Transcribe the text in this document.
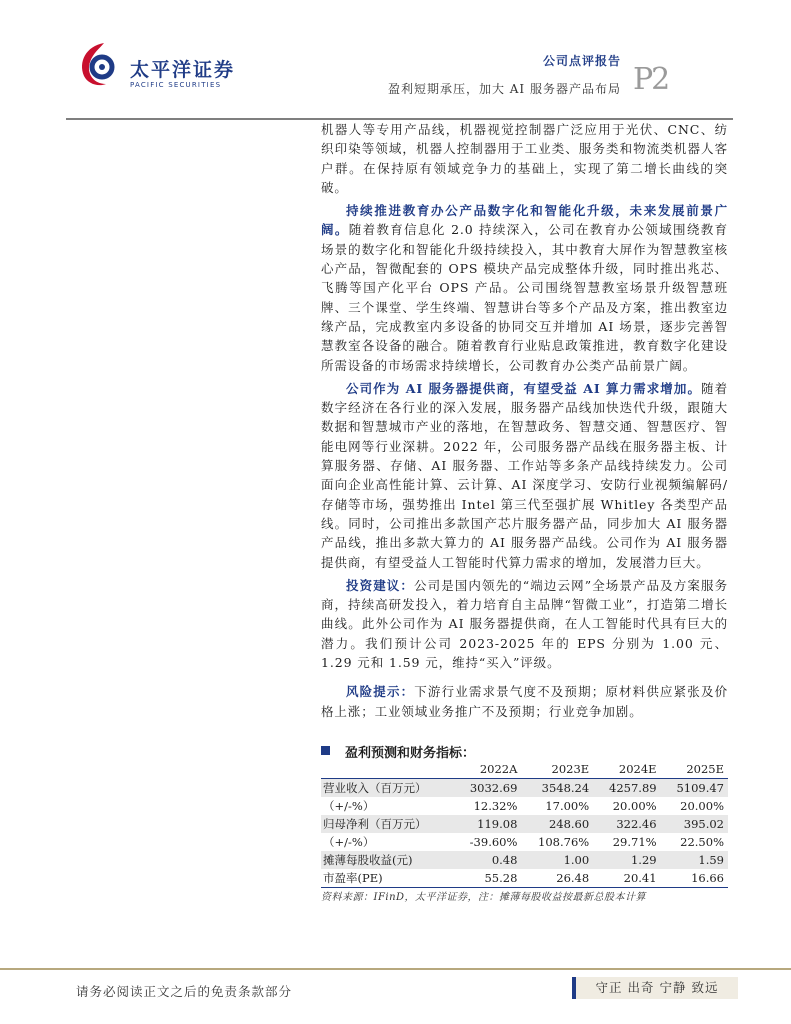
太平洋证券
PACIFIC SECURITIES
公司点评报告
盈利短期承压，加大 AI 服务器产品布局 P2

机器人等专用产品线，机器视觉控制器广泛应用于光伏、CNC、纺织印染等领域，机器人控制器用于工业类、服务类和物流类机器人客户群。在保持原有领域竞争力的基础上，实现了第二增长曲线的突破。

持续推进教育办公产品数字化和智能化升级，未来发展前景广阔。随着教育信息化 2.0 持续深入，公司在教育办公领域围绕教育场景的数字化和智能化升级持续投入，其中教育大屏作为智慧教室核心产品，智微配套的 OPS 模块产品完成整体升级，同时推出兆芯、飞腾等国产化平台 OPS 产品。公司围绕智慧教室场景升级智慧班牌、三个课堂、学生终端、智慧讲台等多个产品及方案，推出教室边缘产品，完成教室内多设备的协同交互并增加 AI 场景，逐步完善智慧教室各设备的融合。随着教育行业贴息政策推进，教育数字化建设所需设备的市场需求持续增长，公司教育办公类产品前景广阔。

公司作为 AI 服务器提供商，有望受益 AI 算力需求增加。随着数字经济在各行业的深入发展，服务器产品线加快迭代升级，跟随大数据和智慧城市产业的落地，在智慧政务、智慧交通、智慧医疗、智能电网等行业深耕。2022 年，公司服务器产品线在服务器主板、计算服务器、存储、AI 服务器、工作站等多条产品线持续发力。公司面向企业高性能计算、云计算、AI 深度学习、安防行业视频编解码/存储等市场，强势推出 Intel 第三代至强扩展 Whitley 各类型产品线。同时，公司推出多款国产芯片服务器产品，同步加大 AI 服务器产品线，推出多款大算力的 AI 服务器产品线。公司作为 AI 服务器提供商，有望受益人工智能时代算力需求的增加，发展潜力巨大。

投资建议：公司是国内领先的“端边云网”全场景产品及方案服务商，持续高研发投入，着力培育自主品牌“智微工业”，打造第二增长曲线。此外公司作为 AI 服务器提供商，在人工智能时代具有巨大的潜力。我们预计公司 2023-2025 年的 EPS 分别为 1.00 元、1.29 元和 1.59 元，维持“买入”评级。

风险提示：下游行业需求景气度不及预期；原材料供应紧张及价格上涨；工业领域业务推广不及预期；行业竞争加剧。

盈利预测和财务指标：
	2022A	2023E	2024E	2025E
营业收入（百万元）	3032.69	3548.24	4257.89	5109.47
（+/-%）	12.32%	17.00%	20.00%	20.00%
归母净利（百万元）	119.08	248.60	322.46	395.02
（+/-%）	-39.60%	108.76%	29.71%	22.50%
摊薄每股收益(元)	0.48	1.00	1.29	1.59
市盈率(PE)	55.28	26.48	20.41	16.66
资料来源：IFinD，太平洋证券，注：摊薄每股收益按最新总股本计算
请务必阅读正文之后的免责条款部分	守正 出奇 宁静 致远
